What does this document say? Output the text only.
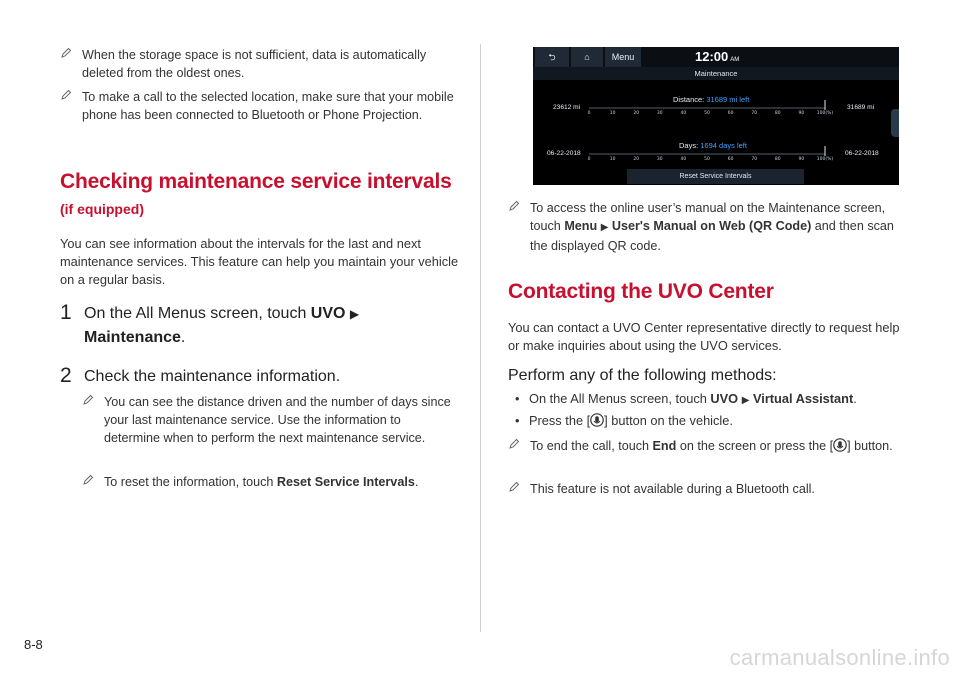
When the storage space is not sufficient, data is automatically deleted from the oldest ones.
To make a call to the selected location, make sure that your mobile phone has been connected to Bluetooth or Phone Projection.
Checking maintenance service intervals
(if equipped)
You can see information about the intervals for the last and next maintenance services. This feature can help you maintain your vehicle on a regular basis.
1 On the All Menus screen, touch UVO ▶
Maintenance.
2 Check the maintenance information.
You can see the distance driven and the number of days since your last maintenance service. Use the information to determine when to perform the next maintenance service.
To reset the information, touch Reset Service Intervals.
⮌	⌂	Menu	12:00 AM
Maintenance
Distance: 31689 mi left
23612 mi	31689 mi
Days: 1694 days left
06-22-2018	06-22-2018
0	10	20	30	40	50	60	70	80	90	100(%)
0	10	20	30	40	50	60	70	80	90	100(%)
Reset Service Intervals
To access the online user’s manual on the Maintenance screen, touch Menu ▶ User's Manual on Web (QR Code) and then scan the displayed QR code.
Contacting the UVO Center
You can contact a UVO Center representative directly to request help or make inquiries about using the UVO services.
Perform any of the following methods:
• On the All Menus screen, touch UVO ▶ Virtual Assistant.
• Press the [ ] button on the vehicle.
To end the call, touch End on the screen or press the [ ] button.
This feature is not available during a Bluetooth call.
8-8
carmanualsonline.info
